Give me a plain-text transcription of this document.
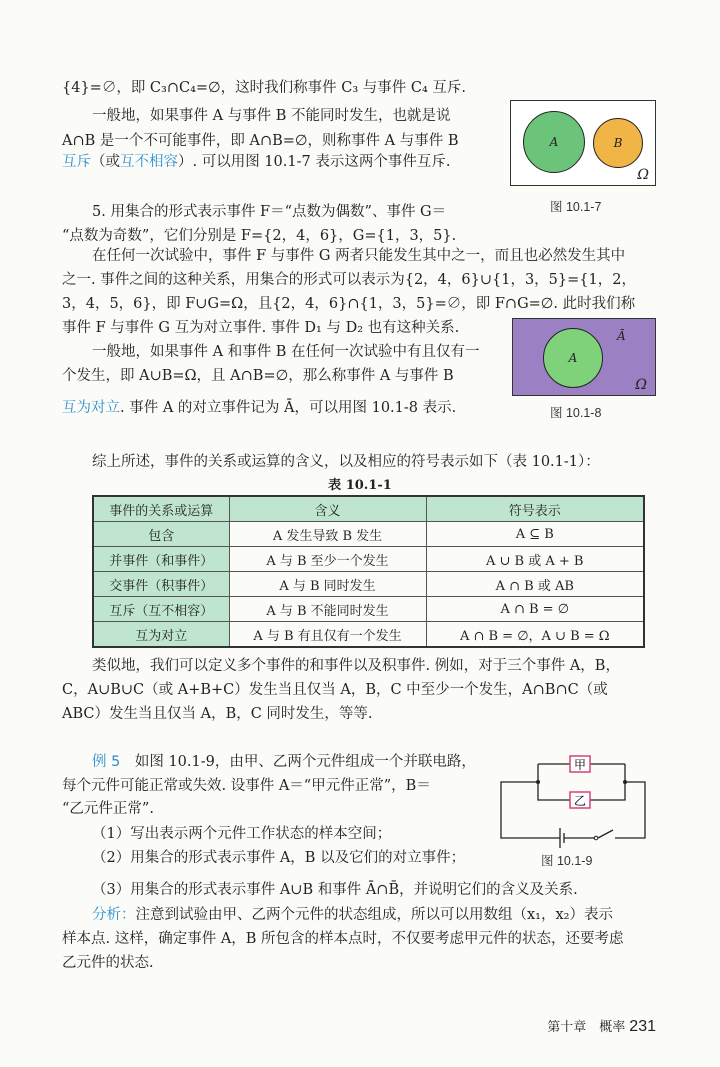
{4}=∅，即 C₃∩C₄=∅，这时我们称事件 C₃ 与事件 C₄ 互斥.
一般地，如果事件 A 与事件 B 不能同时发生，也就是说
A∩B 是一个不可能事件，即 A∩B=∅，则称事件 A 与事件 B
互斥（或互不相容）. 可以用图 10.1-7 表示这两个事件互斥.
5. 用集合的形式表示事件 F＝“点数为偶数”、事件 G＝
“点数为奇数”，它们分别是 F={2，4，6}，G={1，3，5}.
在任何一次试验中，事件 F 与事件 G 两者只能发生其中之一，而且也必然发生其中
之一. 事件之间的这种关系，用集合的形式可以表示为{2，4，6}∪{1，3，5}={1，2，
3，4，5，6}，即 F∪G=Ω，且{2，4，6}∩{1，3，5}=∅，即 F∩G=∅. 此时我们称
事件 F 与事件 G 互为对立事件. 事件 D₁ 与 D₂ 也有这种关系.
一般地，如果事件 A 和事件 B 在任何一次试验中有且仅有一
个发生，即 A∪B=Ω，且 A∩B=∅，那么称事件 A 与事件 B
互为对立. 事件 A 的对立事件记为 Ā，可以用图 10.1-8 表示.
综上所述，事件的关系或运算的含义，以及相应的符号表示如下（表 10.1-1）：
类似地，我们可以定义多个事件的和事件以及积事件. 例如，对于三个事件 A，B，
C，A∪B∪C（或 A+B+C）发生当且仅当 A，B，C 中至少一个发生，A∩B∩C（或
ABC）发生当且仅当 A，B，C 同时发生，等等.
例 5　如图 10.1-9，由甲、乙两个元件组成一个并联电路，
每个元件可能正常或失效. 设事件 A＝“甲元件正常”，B＝
“乙元件正常”.
（1）写出表示两个元件工作状态的样本空间；
（2）用集合的形式表示事件 A，B 以及它们的对立事件；
（3）用集合的形式表示事件 A∪B 和事件 Ā∩B̄，并说明它们的含义及关系.
分析：注意到试验由甲、乙两个元件的状态组成，所以可以用数组（x₁，x₂）表示
样本点. 这样，确定事件 A，B 所包含的样本点时，不仅要考虑甲元件的状态，还要考虑
乙元件的状态.
A	B
Ω
图 10.1-7
A
Ā
Ω
图 10.1-8
表 10.1-1
事件的关系或运算	含义	符号表示
包含	A 发生导致 B 发生	A ⊆ B
并事件（和事件）	A 与 B 至少一个发生	A ∪ B 或 A + B
交事件（积事件）	A 与 B 同时发生	A ∩ B 或 AB
互斥（互不相容）	A 与 B 不能同时发生	A ∩ B = ∅
互为对立	A 与 B 有且仅有一个发生	A ∩ B = ∅，A ∪ B = Ω
甲
乙
图 10.1-9
第十章　概率 231
